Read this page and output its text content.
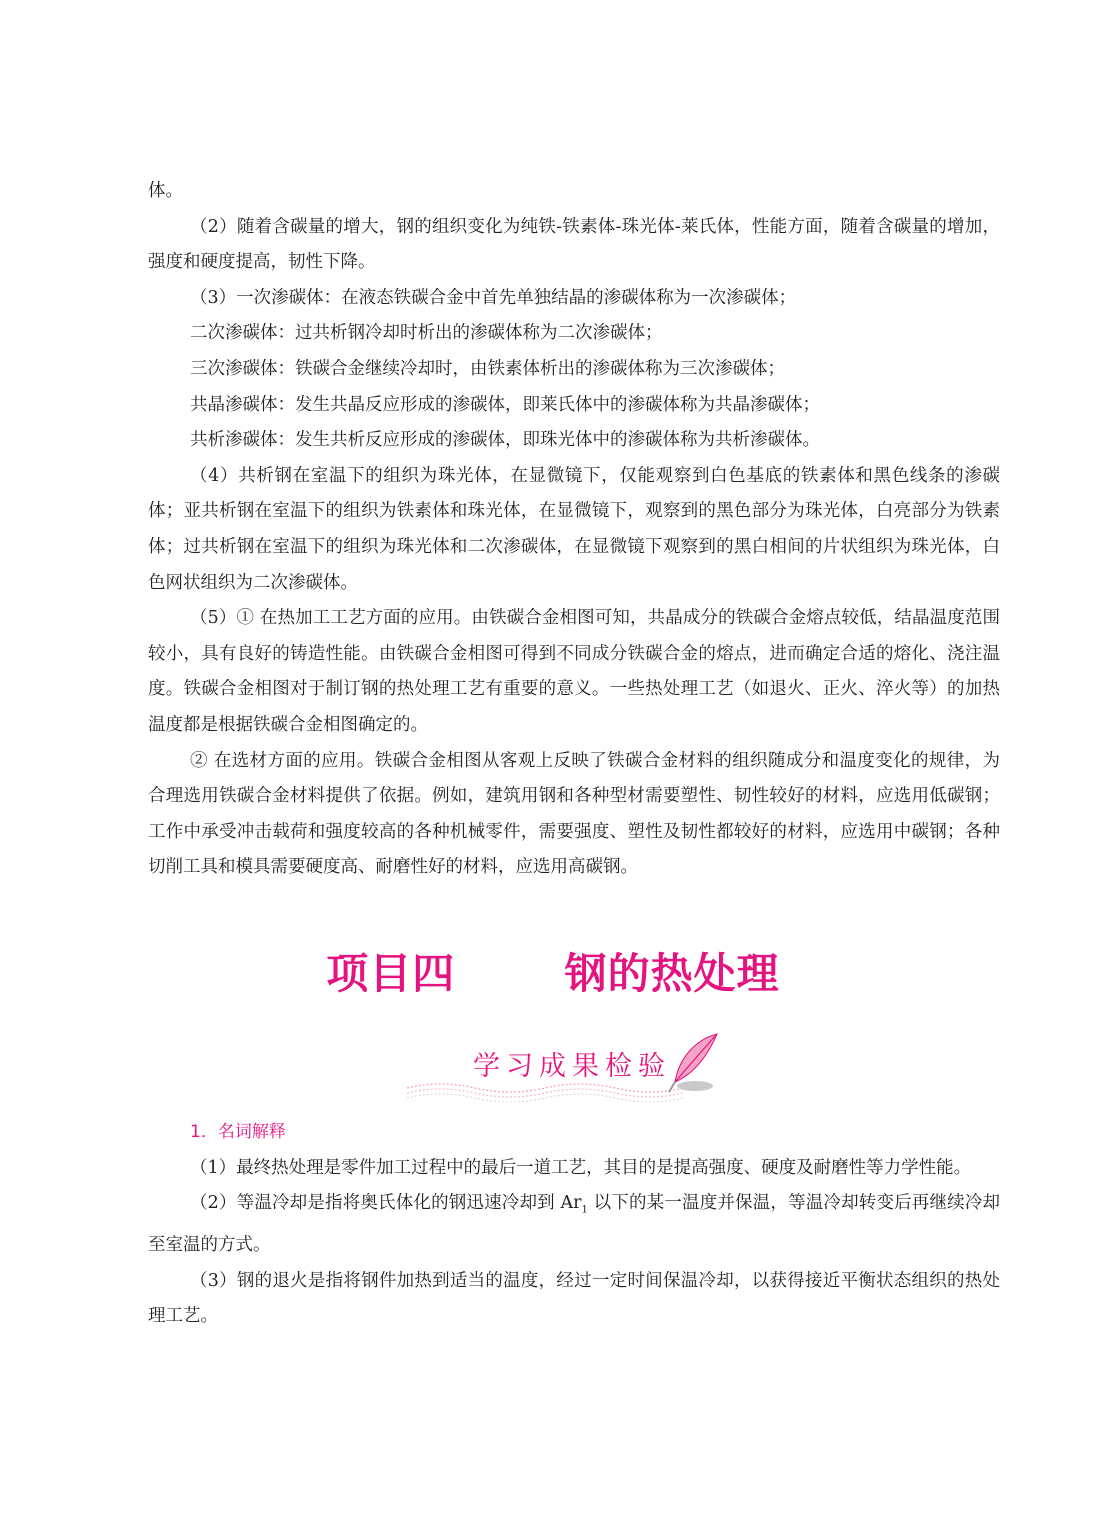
体。

（2）随着含碳量的增大，钢的组织变化为纯铁-铁素体-珠光体-莱氏体，性能方面，随着含碳量的增加，强度和硬度提高，韧性下降。

（3）一次渗碳体：在液态铁碳合金中首先单独结晶的渗碳体称为一次渗碳体；

二次渗碳体：过共析钢冷却时析出的渗碳体称为二次渗碳体；

三次渗碳体：铁碳合金继续冷却时，由铁素体析出的渗碳体称为三次渗碳体；

共晶渗碳体：发生共晶反应形成的渗碳体，即莱氏体中的渗碳体称为共晶渗碳体；

共析渗碳体：发生共析反应形成的渗碳体，即珠光体中的渗碳体称为共析渗碳体。

（4）共析钢在室温下的组织为珠光体，在显微镜下，仅能观察到白色基底的铁素体和黑色线条的渗碳体；亚共析钢在室温下的组织为铁素体和珠光体，在显微镜下，观察到的黑色部分为珠光体，白亮部分为铁素体；过共析钢在室温下的组织为珠光体和二次渗碳体，在显微镜下观察到的黑白相间的片状组织为珠光体，白色网状组织为二次渗碳体。

（5）① 在热加工工艺方面的应用。由铁碳合金相图可知，共晶成分的铁碳合金熔点较低，结晶温度范围较小，具有良好的铸造性能。由铁碳合金相图可得到不同成分铁碳合金的熔点，进而确定合适的熔化、浇注温度。铁碳合金相图对于制订钢的热处理工艺有重要的意义。一些热处理工艺（如退火、正火、淬火等）的加热温度都是根据铁碳合金相图确定的。

② 在选材方面的应用。铁碳合金相图从客观上反映了铁碳合金材料的组织随成分和温度变化的规律，为合理选用铁碳合金材料提供了依据。例如，建筑用钢和各种型材需要塑性、韧性较好的材料，应选用低碳钢；工作中承受冲击载荷和强度较高的各种机械零件，需要强度、塑性及韧性都较好的材料，应选用中碳钢；各种切削工具和模具需要硬度高、耐磨性好的材料，应选用高碳钢。

项目四	钢的热处理
学习成果检验

1．名词解释

（1）最终热处理是零件加工过程中的最后一道工艺，其目的是提高强度、硬度及耐磨性等力学性能。

（2）等温冷却是指将奥氏体化的钢迅速冷却到 $Ar_1$ 以下的某一温度并保温，等温冷却转变后再继续冷却至室温的方式。

（3）钢的退火是指将钢件加热到适当的温度，经过一定时间保温冷却，以获得接近平衡状态组织的热处理工艺。
